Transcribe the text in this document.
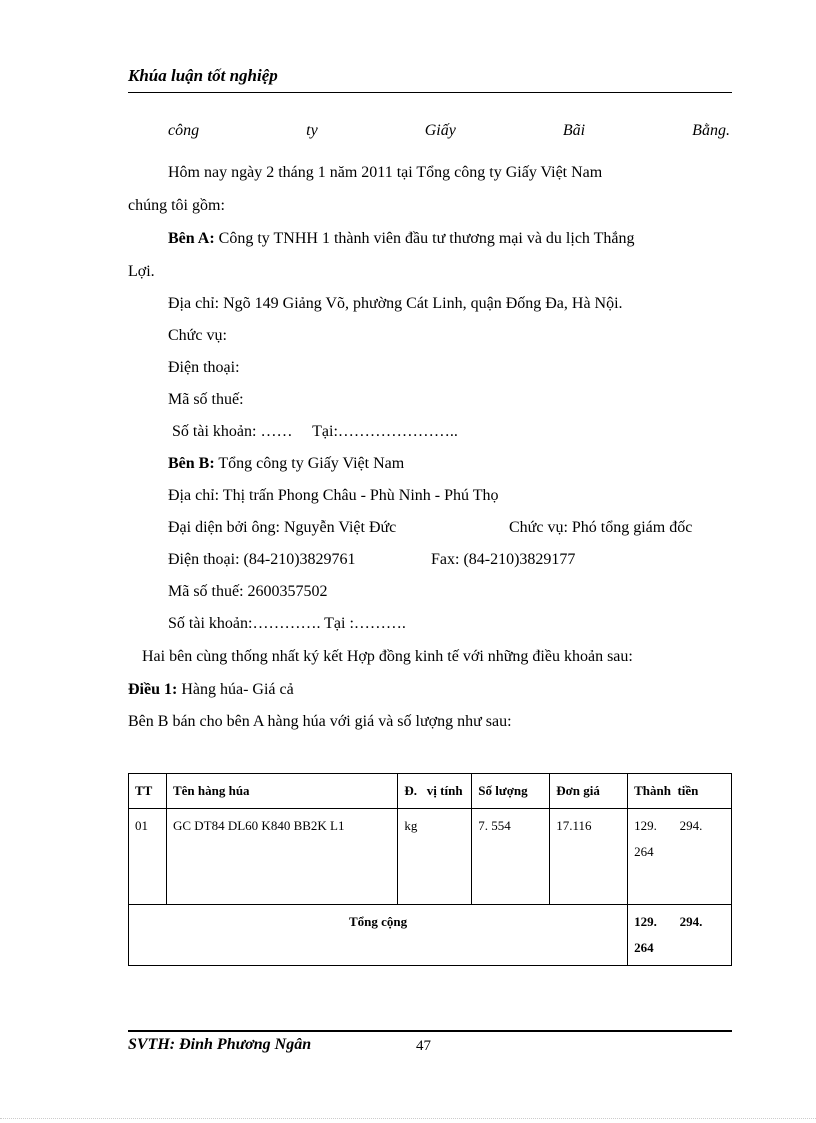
Khúa luận tốt nghiệp
công	ty	Giấy	Bãi	Bằng.
Hôm nay ngày 2 tháng 1 năm 2011 tại Tổng công ty Giấy Việt Nam
chúng tôi gồm:
Bên A: Công ty TNHH 1 thành viên đầu tư thương mại và du lịch Thắng
Lợi.
Địa chỉ: Ngõ 149 Giảng Võ, phường Cát Linh, quận Đống Đa, Hà Nội.
Chức vụ:
Điện thoại:
Mã số thuế:
Số tài khoản: ……     Tại:…………………..
Bên B: Tổng công ty Giấy Việt Nam
Địa chỉ: Thị trấn Phong Châu - Phù Ninh - Phú Thọ
Đại diện bởi ông: Nguyễn Việt Đức	Chức vụ: Phó tổng giám đốc
Điện thoại: (84-210)3829761	Fax: (84-210)3829177
Mã số thuế: 2600357502
Số tài khoản:…………. Tại :……….
Hai bên cùng thống nhất ký kết Hợp đồng kinh tế với những điều khoản sau:
Điều 1: Hàng húa- Giá cả
Bên B bán cho bên A hàng húa với giá và số lượng như sau:
TT	Tên hàng húa	Đ.   vị tính	Số lượng	Đơn giá	Thành  tiền
01	GC DT84 DL60 K840 BB2K L1	kg	7. 554	17.116	129.       294. 264
Tổng cộng					129.       294. 264
SVTH: Đinh Phương Ngân	47
